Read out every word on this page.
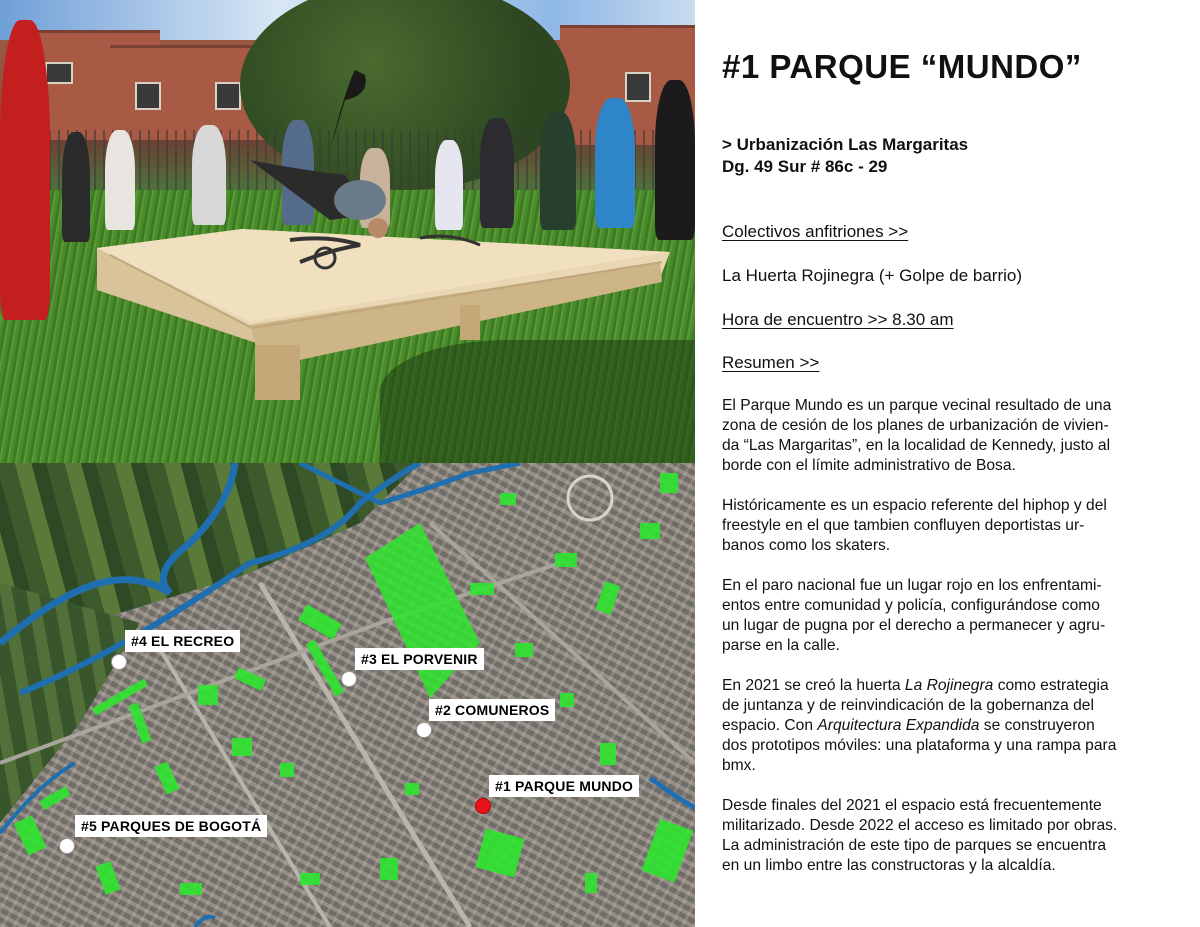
#4 EL RECREO
#3 EL PORVENIR
#2 COMUNEROS
#1 PARQUE MUNDO
#5 PARQUES DE BOGOTÁ
#1 PARQUE “MUNDO”
> Urbanización Las Margaritas
Dg. 49 Sur # 86c - 29
Colectivos anfitriones >>
La Huerta Rojinegra (+ Golpe de barrio)
Hora de encuentro >> 8.30 am
Resumen >>
El Parque Mundo es un parque vecinal resultado de una
zona de cesión de los planes de urbanización de vivien-
da “Las Margaritas”, en la localidad de Kennedy, justo al
borde con el límite administrativo de Bosa.
Históricamente es un espacio referente del hiphop y del
freestyle en el que tambien confluyen deportistas ur-
banos como los skaters.
En el paro nacional fue un lugar rojo en los enfrentami-
entos entre comunidad y policía, configurándose como
un lugar de pugna por el derecho a permanecer y agru-
parse en la calle.
En 2021 se creó la huerta La Rojinegra como estrategia
de juntanza y de reinvindicación de la gobernanza del
espacio. Con Arquitectura Expandida se construyeron
dos prototipos móviles: una plataforma y una rampa para
bmx.
Desde finales del 2021 el espacio está frecuentemente
militarizado. Desde 2022 el acceso es limitado por obras.
La administración de este tipo de parques se encuentra
en un limbo entre las constructoras y la alcaldía.
